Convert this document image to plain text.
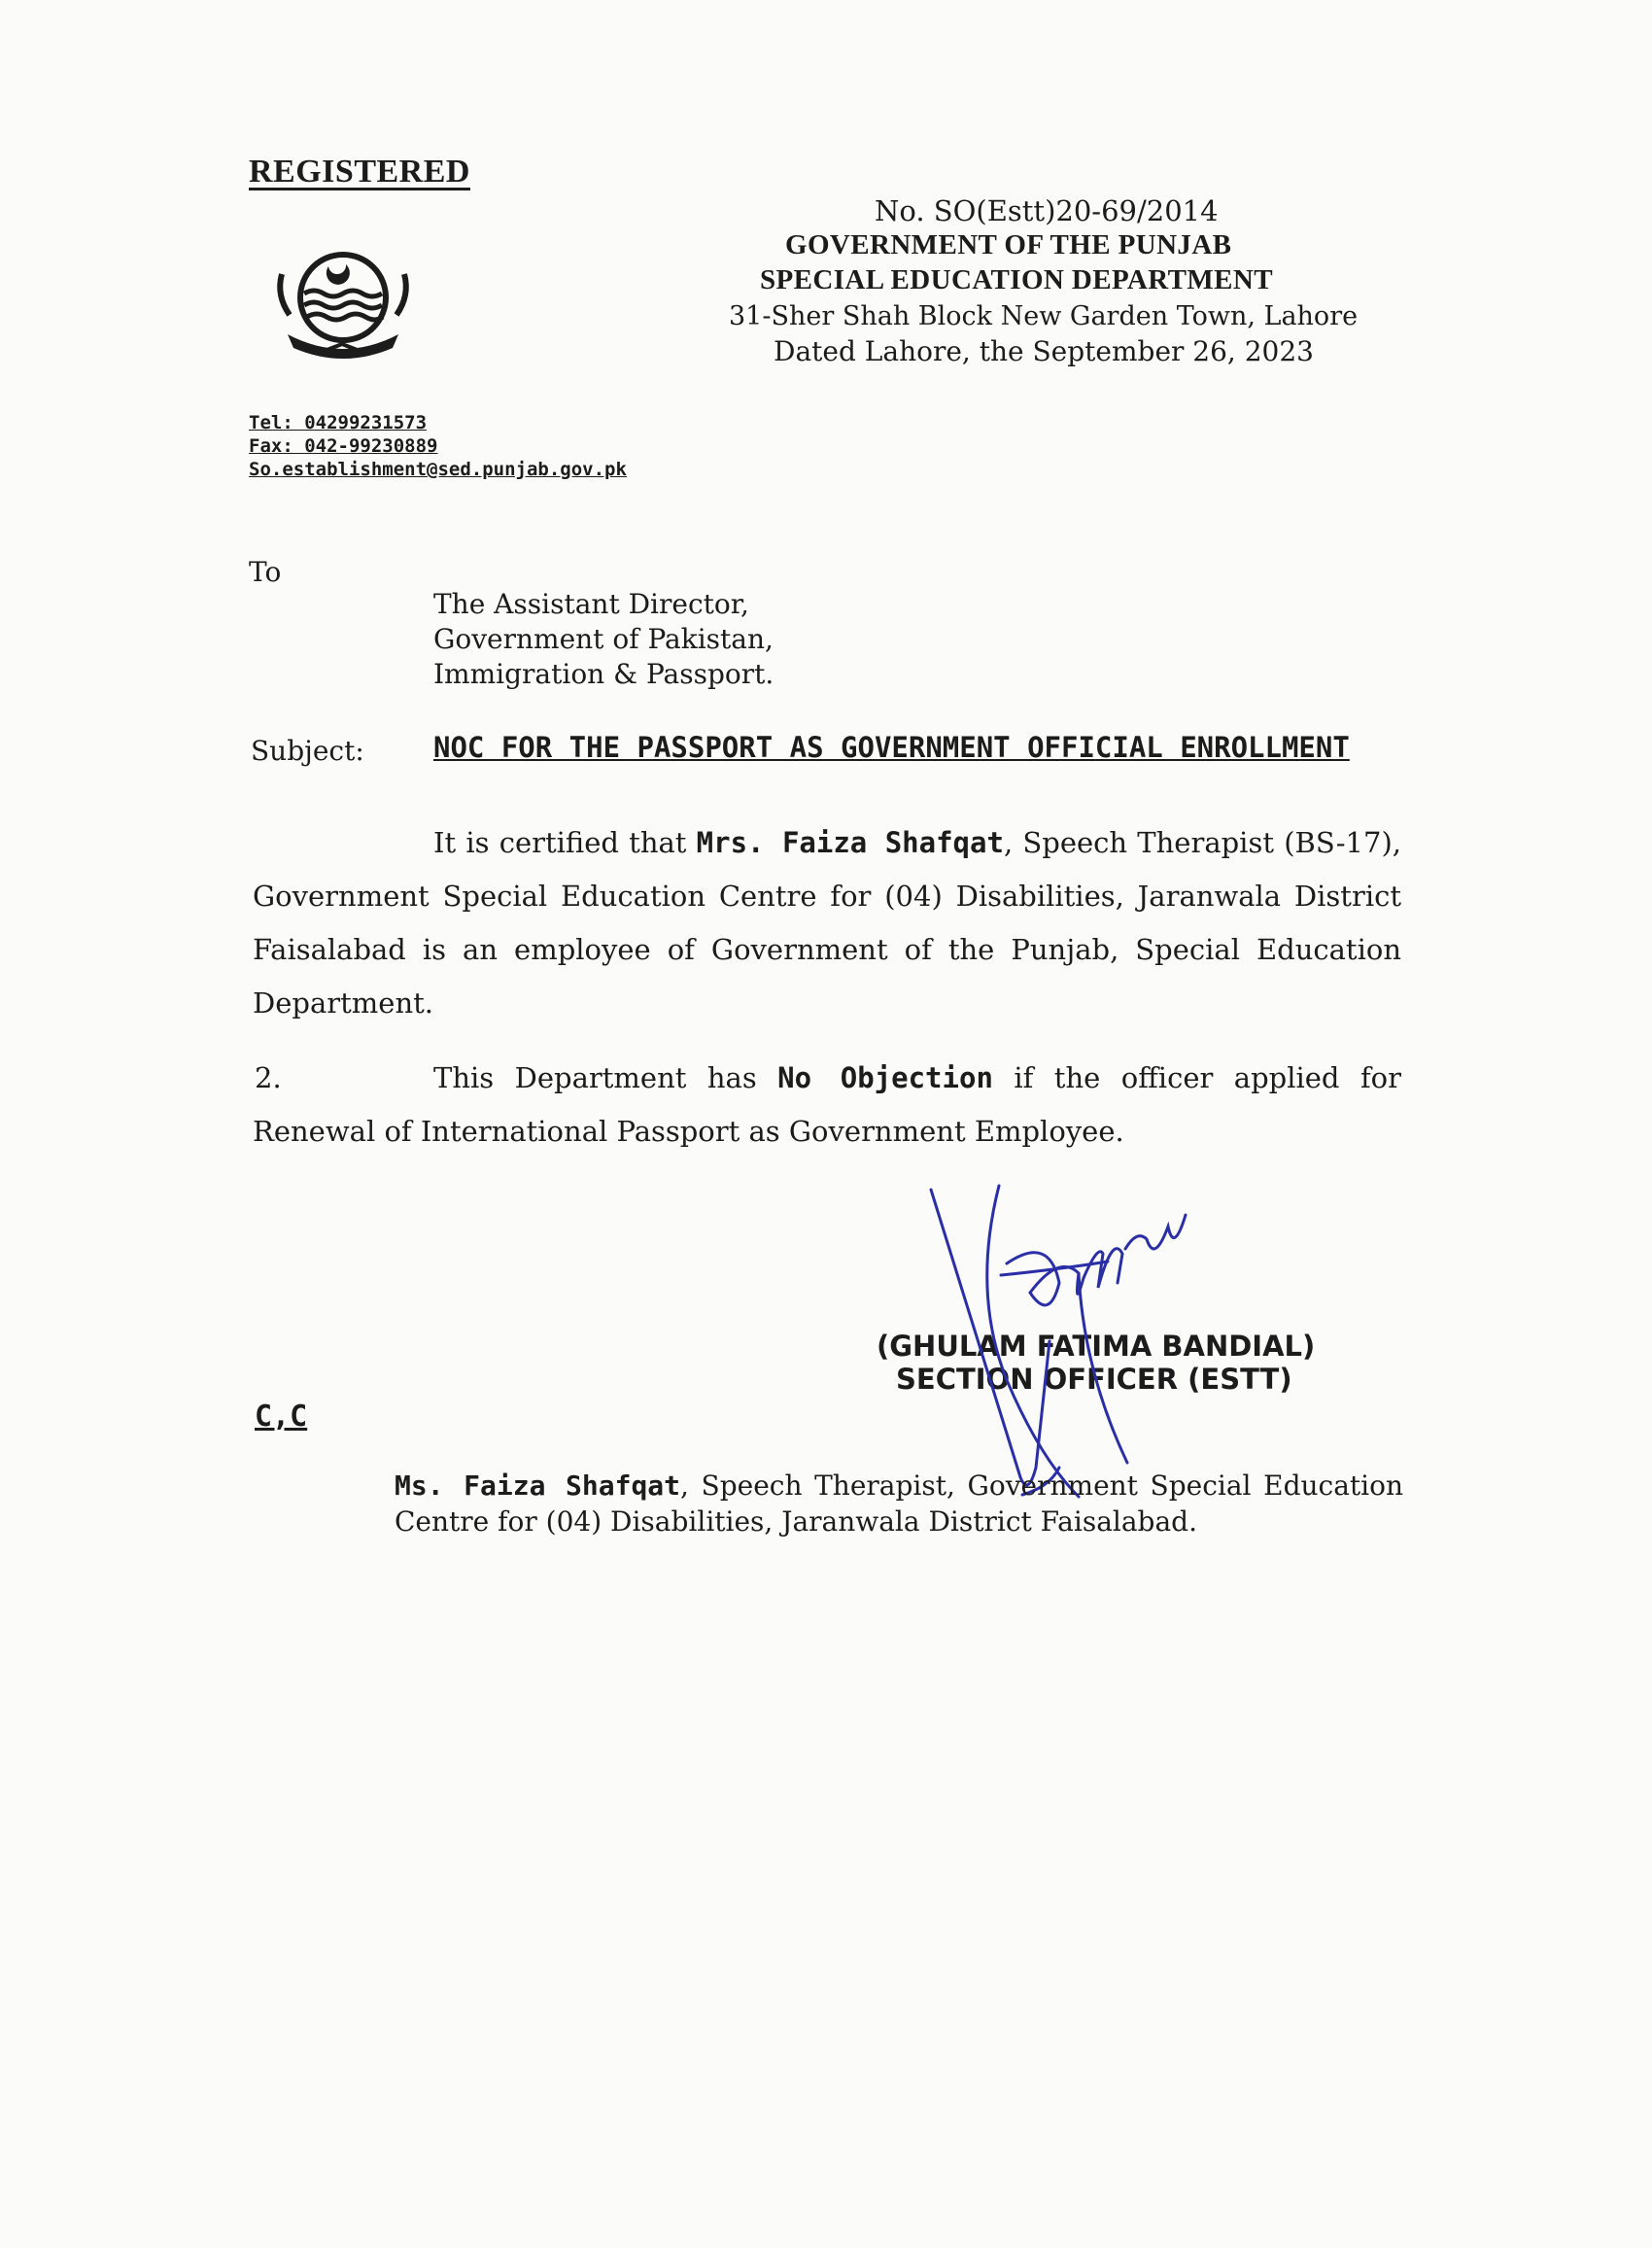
REGISTERED
No. SO(Estt)20-69/2014
GOVERNMENT OF THE PUNJAB
SPECIAL EDUCATION DEPARTMENT
31-Sher Shah Block New Garden Town, Lahore
Dated Lahore, the September 26, 2023
Tel: 04299231573
Fax: 042-99230889
So.establishment@sed.punjab.gov.pk
To
The Assistant Director,
Government of Pakistan,
Immigration & Passport.
Subject: NOC FOR THE PASSPORT AS GOVERNMENT OFFICIAL ENROLLMENT
It is certified that Mrs. Faiza Shafqat, Speech Therapist (BS-17), Government Special Education Centre for (04) Disabilities, Jaranwala District Faisalabad is an employee of Government of the Punjab, Special Education Department.
2.	This Department has No Objection if the officer applied for Renewal of International Passport as Government Employee.
(GHULAM FATIMA BANDIAL)
SECTION OFFICER (ESTT)
C,C
Ms. Faiza Shafqat, Speech Therapist, Government Special Education Centre for (04) Disabilities, Jaranwala District Faisalabad.
